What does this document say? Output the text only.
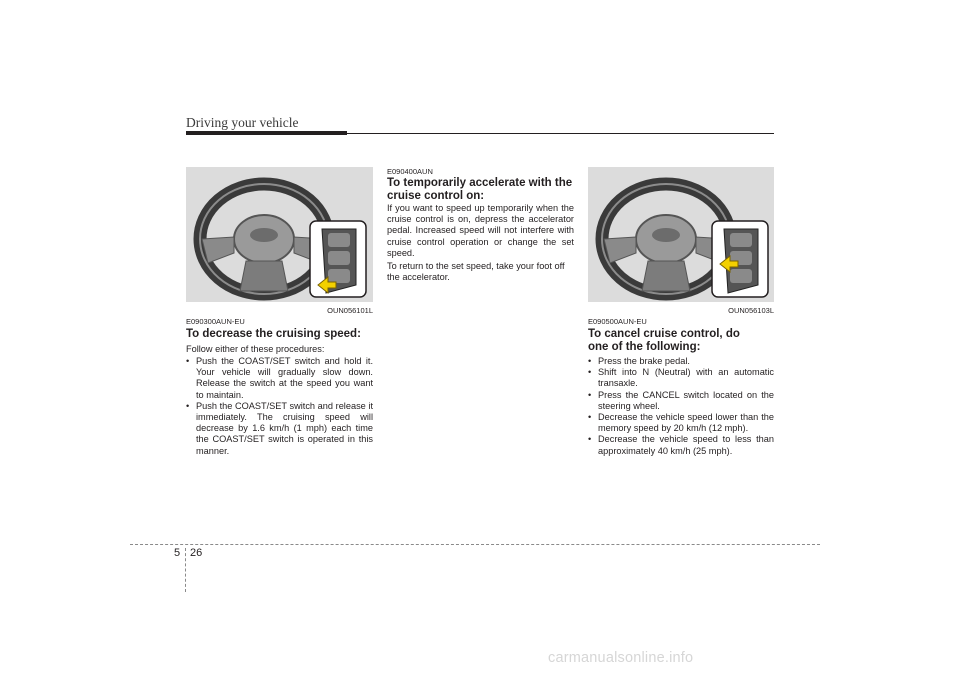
Driving your vehicle
OUN056101L
E090300AUN-EU
To decrease the cruising speed:
Follow either of these procedures:
• Push the COAST/SET switch and hold it. Your vehicle will gradually slow down. Release the switch at the speed you want to maintain.
• Push the COAST/SET switch and release it immediately. The cruising speed will decrease by 1.6 km/h (1 mph) each time the COAST/SET switch is operated in this manner.
E090400AUN
To temporarily accelerate with the cruise control on:
If you want to speed up temporarily when the cruise control is on, depress the accelerator pedal. Increased speed will not interfere with cruise control operation or change the set speed.
To return to the set speed, take your foot off the accelerator.
OUN056103L
E090500AUN-EU
To cancel cruise control, do one of the following:
• Press the brake pedal.
• Shift into N (Neutral) with an automatic transaxle.
• Press the CANCEL switch located on the steering wheel.
• Decrease the vehicle speed lower than the memory speed by 20 km/h (12 mph).
• Decrease the vehicle speed to less than approximately 40 km/h (25 mph).
5 26
carmanualsonline.info
